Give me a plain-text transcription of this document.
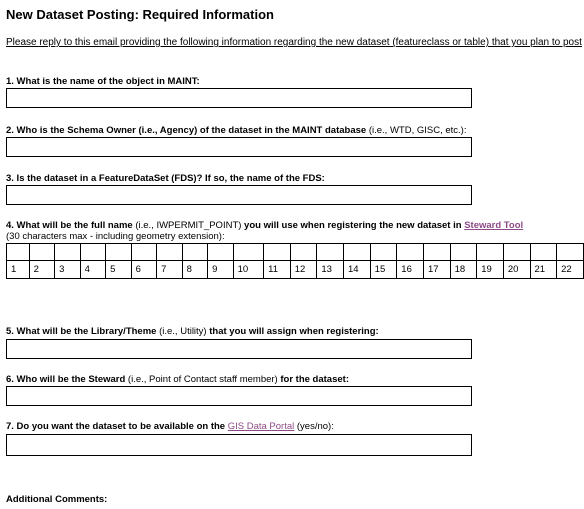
New Dataset Posting: Required Information
Please reply to this email providing the following information regarding the new dataset (featureclass or table) that you plan to post
1. What is the name of the object in MAINT:
2. Who is the Schema Owner (i.e., Agency) of the dataset in the MAINT database (i.e., WTD, GISC, etc.):
3. Is the dataset in a FeatureDataSet (FDS)? If so, the name of the FDS:
4. What will be the full name (i.e., IWPERMIT_POINT) you will use when registering the new dataset in Steward Tool
(30 characters max - including geometry extension):

1	2	3	4	5	6	7	8	9	10	11	12	13	14	15	16	17	18	19	20	21	22
5. What will be the Library/Theme (i.e., Utility) that you will assign when registering:
6. Who will be the Steward (i.e., Point of Contact staff member) for the dataset:
7. Do you want the dataset to be available on the GIS Data Portal (yes/no):
Additional Comments:
